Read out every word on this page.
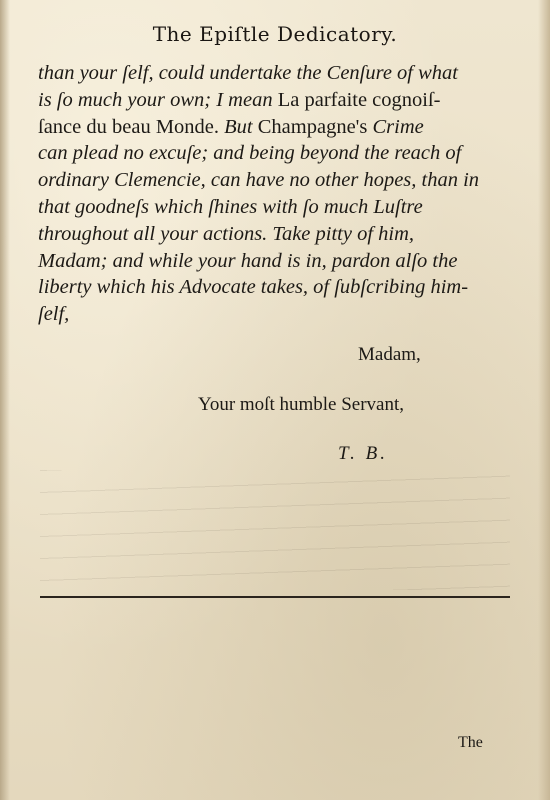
The Epiſtle Dedicatory.

than your ſelf, could undertake the Cenſure of what
is ſo much your own; I mean La parfaite cognoiſ-
ſance du beau Monde. But Champagne's Crime
can plead no excuſe; and being beyond the reach of
ordinary Clemencie, can have no other hopes, than in
that goodneſs which ſhines with ſo much Luſtre
throughout all your actions. Take pitty of him,
Madam; and while your hand is in, pardon alſo the
liberty which his Advocate takes, of ſubſcribing him-
ſelf,

Madam,
Your moſt humble Servant,
T. B.
The
